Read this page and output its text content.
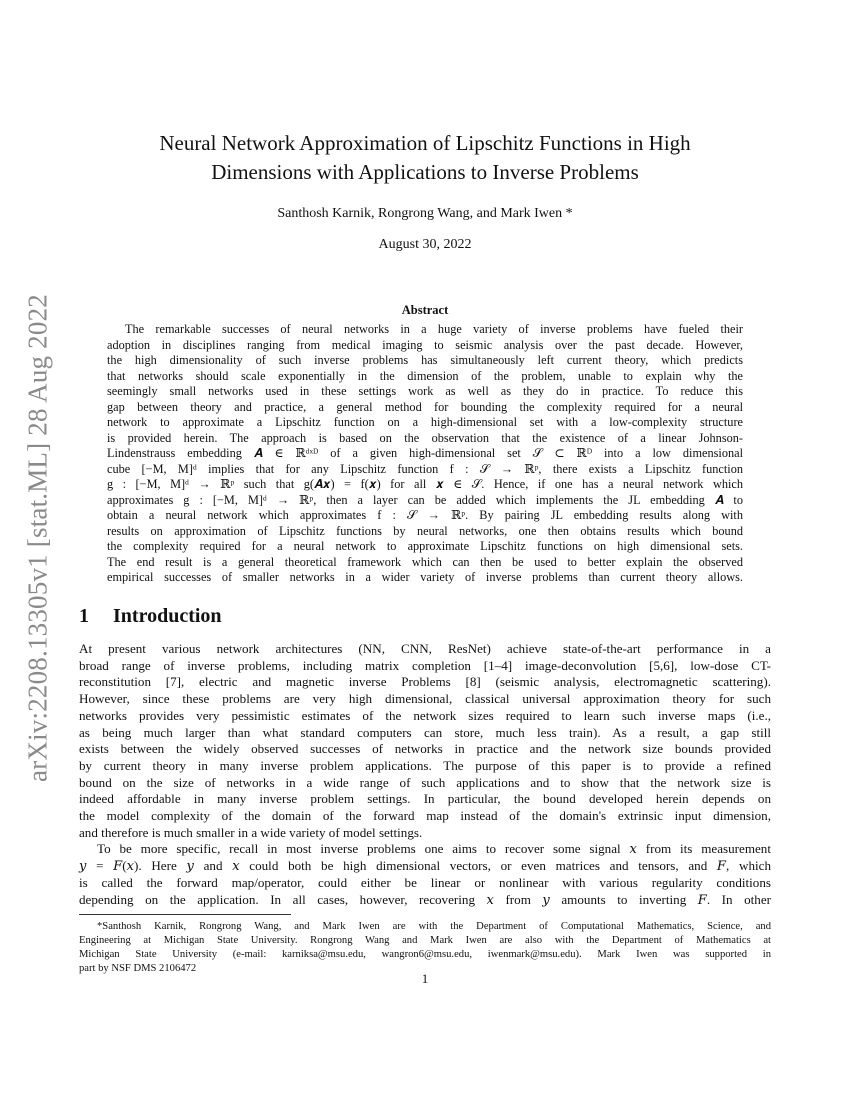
arXiv:2208.13305v1 [stat.ML] 28 Aug 2022
Neural Network Approximation of Lipschitz Functions in High
Dimensions with Applications to Inverse Problems
Santhosh Karnik, Rongrong Wang, and Mark Iwen *
August 30, 2022
Abstract
The remarkable successes of neural networks in a huge variety of inverse problems have fueled their
adoption in disciplines ranging from medical imaging to seismic analysis over the past decade. However,
the high dimensionality of such inverse problems has simultaneously left current theory, which predicts
that networks should scale exponentially in the dimension of the problem, unable to explain why the
seemingly small networks used in these settings work as well as they do in practice. To reduce this
gap between theory and practice, a general method for bounding the complexity required for a neural
network to approximate a Lipschitz function on a high-dimensional set with a low-complexity structure
is provided herein. The approach is based on the observation that the existence of a linear Johnson-
Lindenstrauss embedding 𝑨 ∈ ℝᵈˣᴰ of a given high-dimensional set 𝒮 ⊂ ℝᴰ into a low dimensional
cube [−M, M]ᵈ implies that for any Lipschitz function f : 𝒮 → ℝᵖ, there exists a Lipschitz function
g : [−M, M]ᵈ → ℝᵖ such that g(𝑨𝒙) = f(𝒙) for all 𝒙 ∈ 𝒮. Hence, if one has a neural network which
approximates g : [−M, M]ᵈ → ℝᵖ, then a layer can be added which implements the JL embedding 𝑨 to
obtain a neural network which approximates f : 𝒮 → ℝᵖ. By pairing JL embedding results along with
results on approximation of Lipschitz functions by neural networks, one then obtains results which bound
the complexity required for a neural network to approximate Lipschitz functions on high dimensional sets.
The end result is a general theoretical framework which can then be used to better explain the observed
empirical successes of smaller networks in a wider variety of inverse problems than current theory allows.
1 Introduction
At present various network architectures (NN, CNN, ResNet) achieve state-of-the-art performance in a
broad range of inverse problems, including matrix completion [1–4] image-deconvolution [5,6], low-dose CT-
reconstitution [7], electric and magnetic inverse Problems [8] (seismic analysis, electromagnetic scattering).
However, since these problems are very high dimensional, classical universal approximation theory for such
networks provides very pessimistic estimates of the network sizes required to learn such inverse maps (i.e.,
as being much larger than what standard computers can store, much less train). As a result, a gap still
exists between the widely observed successes of networks in practice and the network size bounds provided
by current theory in many inverse problem applications. The purpose of this paper is to provide a refined
bound on the size of networks in a wide range of such applications and to show that the network size is
indeed affordable in many inverse problem settings. In particular, the bound developed herein depends on
the model complexity of the domain of the forward map instead of the domain's extrinsic input dimension,
and therefore is much smaller in a wide variety of model settings.
To be more specific, recall in most inverse problems one aims to recover some signal 𝑥 from its measurement
𝑦 = 𝐹(𝑥). Here 𝑦 and 𝑥 could both be high dimensional vectors, or even matrices and tensors, and 𝐹, which
is called the forward map/operator, could either be linear or nonlinear with various regularity conditions
depending on the application. In all cases, however, recovering 𝑥 from 𝑦 amounts to inverting 𝐹. In other
*Santhosh Karnik, Rongrong Wang, and Mark Iwen are with the Department of Computational Mathematics, Science, and
Engineering at Michigan State University. Rongrong Wang and Mark Iwen are also with the Department of Mathematics at
Michigan State University (e-mail: karniksa@msu.edu, wangron6@msu.edu, iwenmark@msu.edu). Mark Iwen was supported in
part by NSF DMS 2106472
1
